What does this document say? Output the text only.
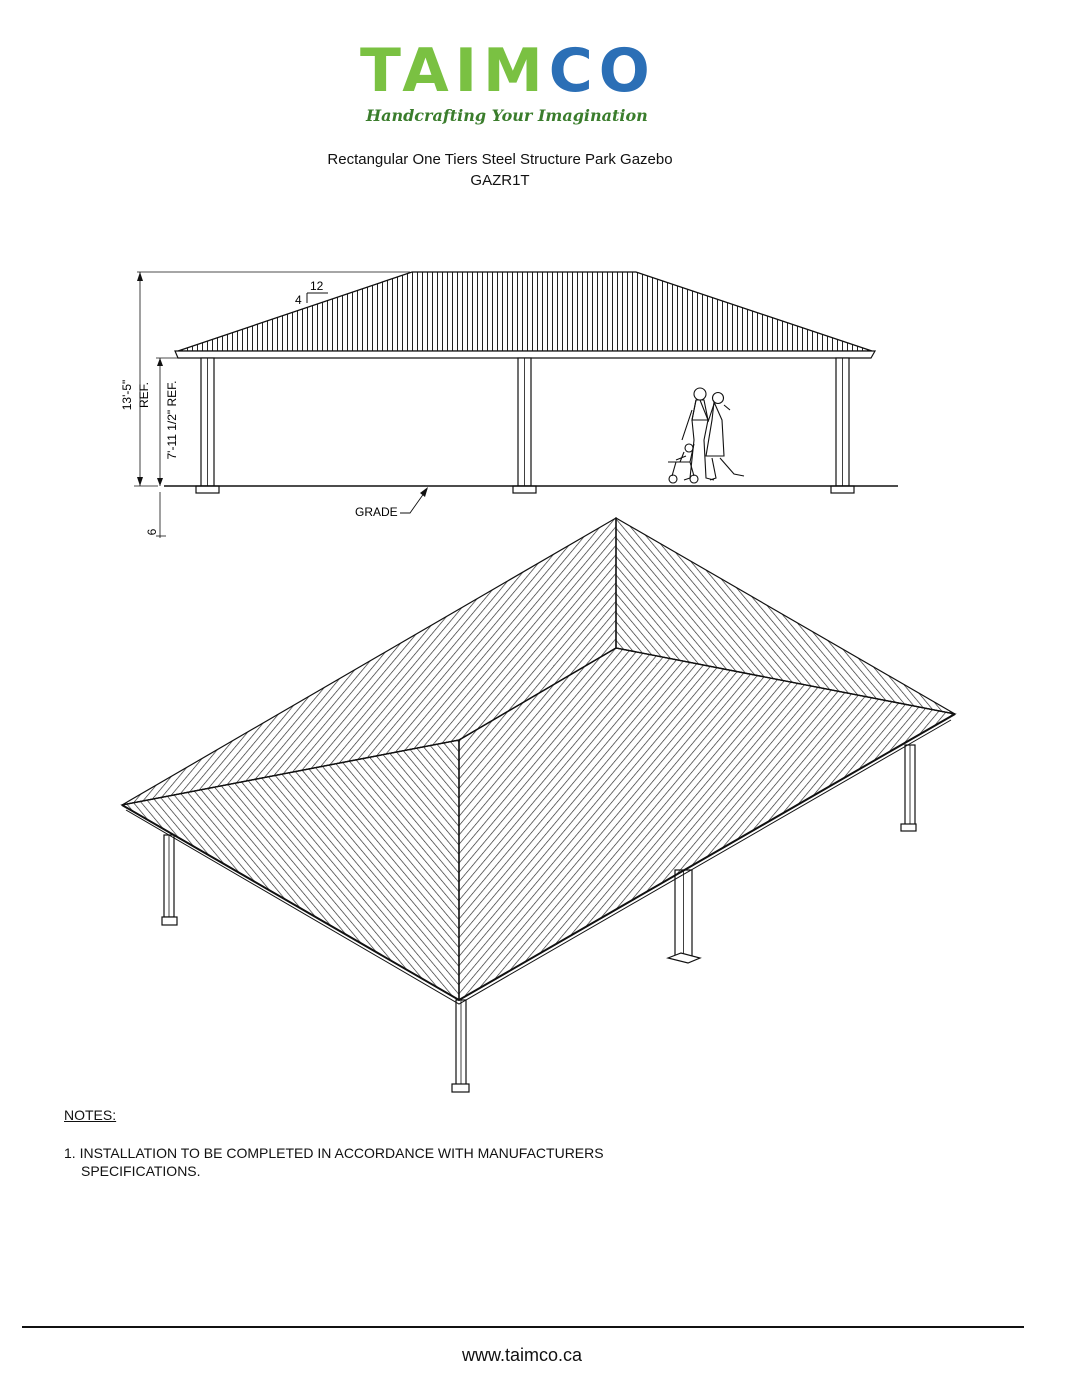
TAIMCO
Handcrafting Your Imagination
Rectangular One Tiers Steel Structure Park Gazebo
GAZR1T
12
4
13'-5" REF. 7'-11 1/2" REF.
6
GRADE
NOTES:
1. INSTALLATION TO BE COMPLETED IN ACCORDANCE WITH MANUFACTURERS SPECIFICATIONS.
www.taimco.ca
